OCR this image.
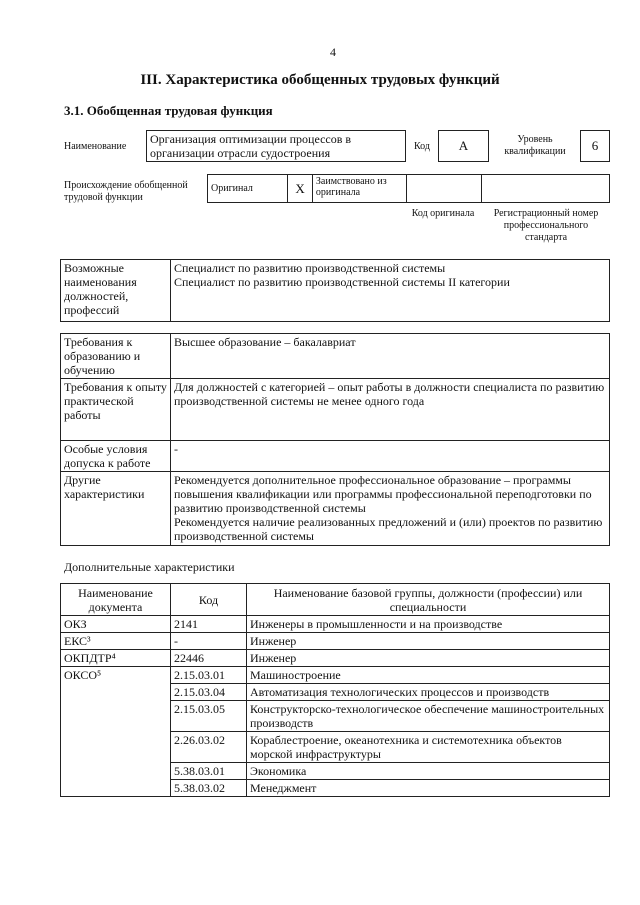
4
III. Характеристика обобщенных трудовых функций
3.1. Обобщенная трудовая функция
Наименование
Организация оптимизации процессов в организации отрасли судостроения	Код	А	Уровень квалификации	6
Происхождение обобщенной трудовой функции
Оригинал	X	Заимствовано из оригинала		
Код оригинала	Регистрационный номер профессионального стандарта
Возможные наименования должностей, профессий	
Специалист по развитию производственной системы
Специалист по развитию производственной системы II категории
Требования к образованию и обучению	Высшее образование – бакалавриат
Требования к опыту практической работы	Для должностей с категорией – опыт работы в должности специалиста по развитию производственной системы не менее одного года
Особые условия допуска к работе	-
Другие характеристики	Рекомендуется дополнительное профессиональное образование – программы повышения квалификации или программы профессиональной переподготовки по развитию производственной системы
Рекомендуется наличие реализованных предложений и (или) проектов по развитию производственной системы
Дополнительные характеристики
Наименование документа	Код	Наименование базовой группы, должности (профессии) или специальности
ОКЗ	2141	Инженеры в промышленности и на производстве
ЕКС³	-	Инженер
ОКПДТР⁴	22446	Инженер
ОКСО⁵	2.15.03.01	Машиностроение
	2.15.03.04	Автоматизация технологических процессов и производств
	2.15.03.05	Конструкторско-технологическое обеспечение машиностроительных производств
	2.26.03.02	Кораблестроение, океанотехника и системотехника объектов морской инфраструктуры
	5.38.03.01	Экономика
	5.38.03.02	Менеджмент
